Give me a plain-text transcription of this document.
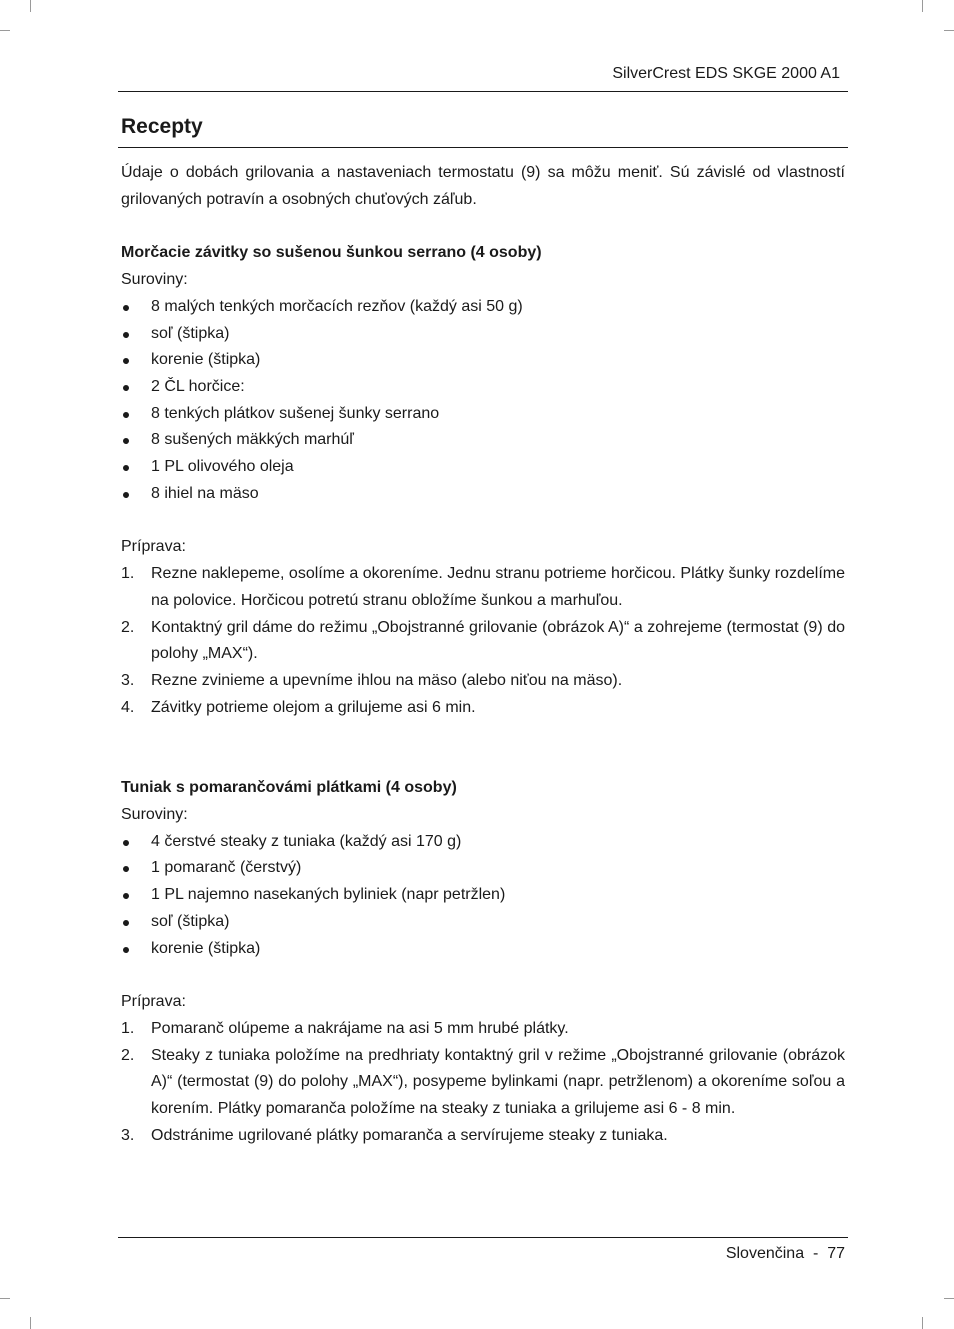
SilverCrest EDS SKGE 2000 A1
Recepty

Údaje o dobách grilovania a nastaveniach termostatu (9) sa môžu meniť. Sú závislé od vlastností grilovaných potravín a osobných chuťových záľub.

Morčacie závitky so sušenou šunkou serrano (4 osoby)

Suroviny:

8 malých tenkých morčacích rezňov (každý asi 50 g)
soľ (štipka)
korenie (štipka)
2 ČL horčice:
8 tenkých plátkov sušenej šunky serrano
8 sušených mäkkých marhúľ
1 PL olivového oleja
8 ihiel na mäso

Príprava:

1.	Rezne naklepeme, osolíme a okoreníme. Jednu stranu potrieme horčicou. Plátky šunky rozdelíme na polovice. Horčicou potretú stranu obložíme šunkou a marhuľou.
2.	Kontaktný gril dáme do režimu „Obojstranné grilovanie (obrázok A)“ a zohrejeme (termostat (9) do polohy „MAX“).
3.	Rezne zvinieme a upevníme ihlou na mäso (alebo niťou na mäso).
4.	Závitky potrieme olejom a grilujeme asi 6 min.

Tuniak s pomarančovámi plátkami (4 osoby)

Suroviny:

4 čerstvé steaky z tuniaka (každý asi 170 g)
1 pomaranč (čerstvý)
1 PL najemno nasekaných byliniek (napr petržlen)
soľ (štipka)
korenie (štipka)

Príprava:

1.	Pomaranč olúpeme a nakrájame na asi 5 mm hrubé plátky.
2.	Steaky z tuniaka položíme na predhriaty kontaktný gril v režime „Obojstranné grilovanie (obrázok A)“ (termostat (9) do polohy „MAX“), posypeme bylinkami (napr. petržlenom) a okoreníme soľou a korením. Plátky pomaranča položíme na steaky z tuniaka a grilujeme asi 6 - 8 min.
3.	Odstránime ugrilované plátky pomaranča a servírujeme steaky z tuniaka.
Slovenčina  -  77
